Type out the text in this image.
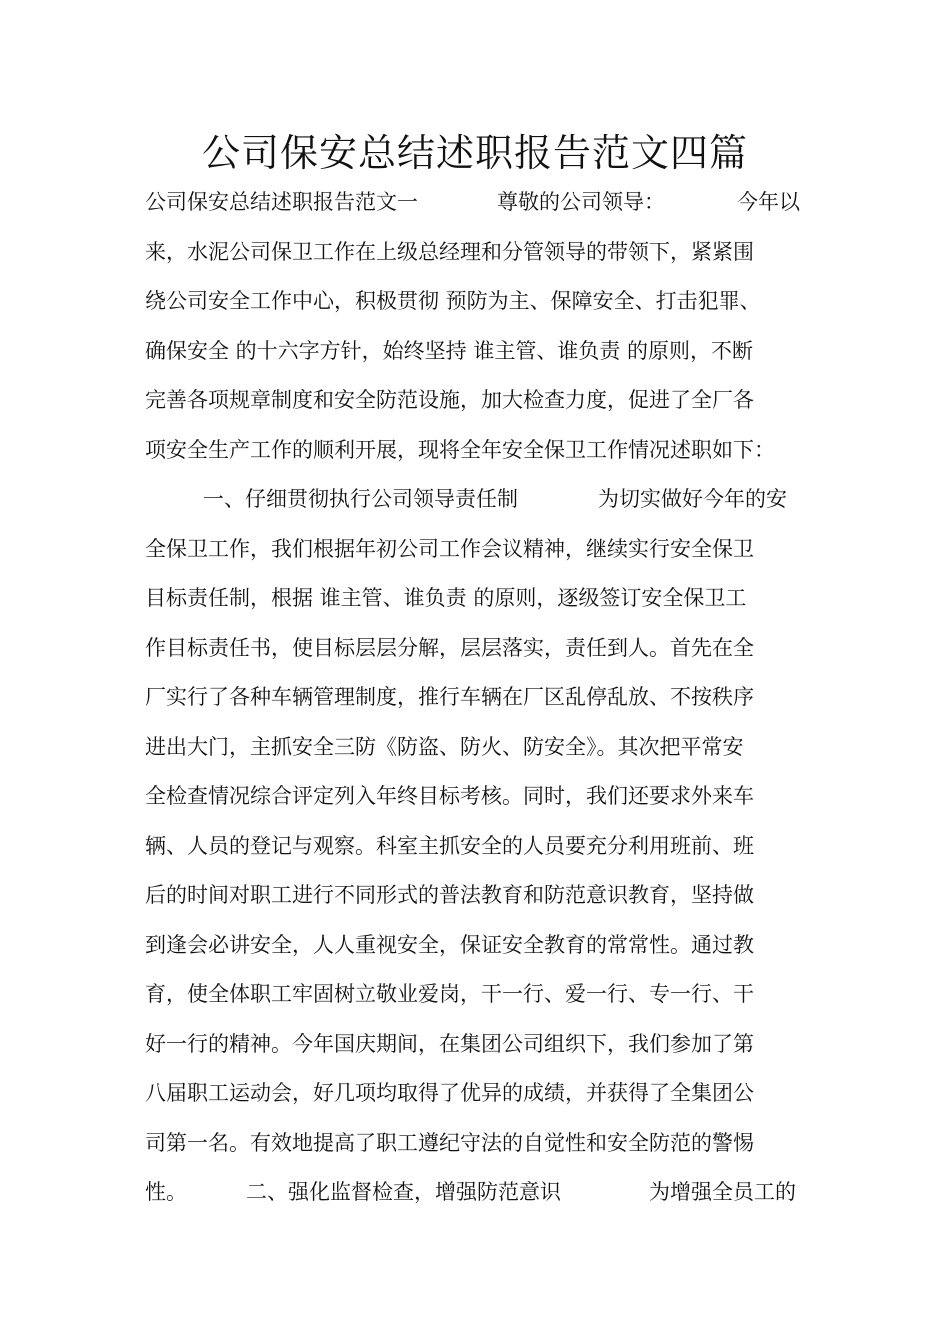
公司保安总结述职报告范文四篇
公司保安总结述职报告范文一	尊敬的公司领导：	今年以
来，水泥公司保卫工作在上级总经理和分管领导的带领下，紧紧围
绕公司安全工作中心，积极贯彻 预防为主、保障安全、打击犯罪、
确保安全 的十六字方针，始终坚持 谁主管、谁负责 的原则，不断
完善各项规章制度和安全防范设施，加大检查力度，促进了全厂各
项安全生产工作的顺利开展，现将全年安全保卫工作情况述职如下：
一、仔细贯彻执行公司领导责任制	为切实做好今年的安
全保卫工作，我们根据年初公司工作会议精神，继续实行安全保卫
目标责任制，根据 谁主管、谁负责 的原则，逐级签订安全保卫工
作目标责任书，使目标层层分解，层层落实，责任到人。首先在全
厂实行了各种车辆管理制度，推行车辆在厂区乱停乱放、不按秩序
进出大门，主抓安全三防《防盗、防火、防安全》。其次把平常安
全检查情况综合评定列入年终目标考核。同时，我们还要求外来车
辆、人员的登记与观察。科室主抓安全的人员要充分利用班前、班
后的时间对职工进行不同形式的普法教育和防范意识教育，坚持做
到逢会必讲安全，人人重视安全，保证安全教育的常常性。通过教
育，使全体职工牢固树立敬业爱岗，干一行、爱一行、专一行、干
好一行的精神。今年国庆期间，在集团公司组织下，我们参加了第
八届职工运动会，好几项均取得了优异的成绩，并获得了全集团公
司第一名。有效地提高了职工遵纪守法的自觉性和安全防范的警惕
性。	二、强化监督检查，增强防范意识	为增强全员工的
